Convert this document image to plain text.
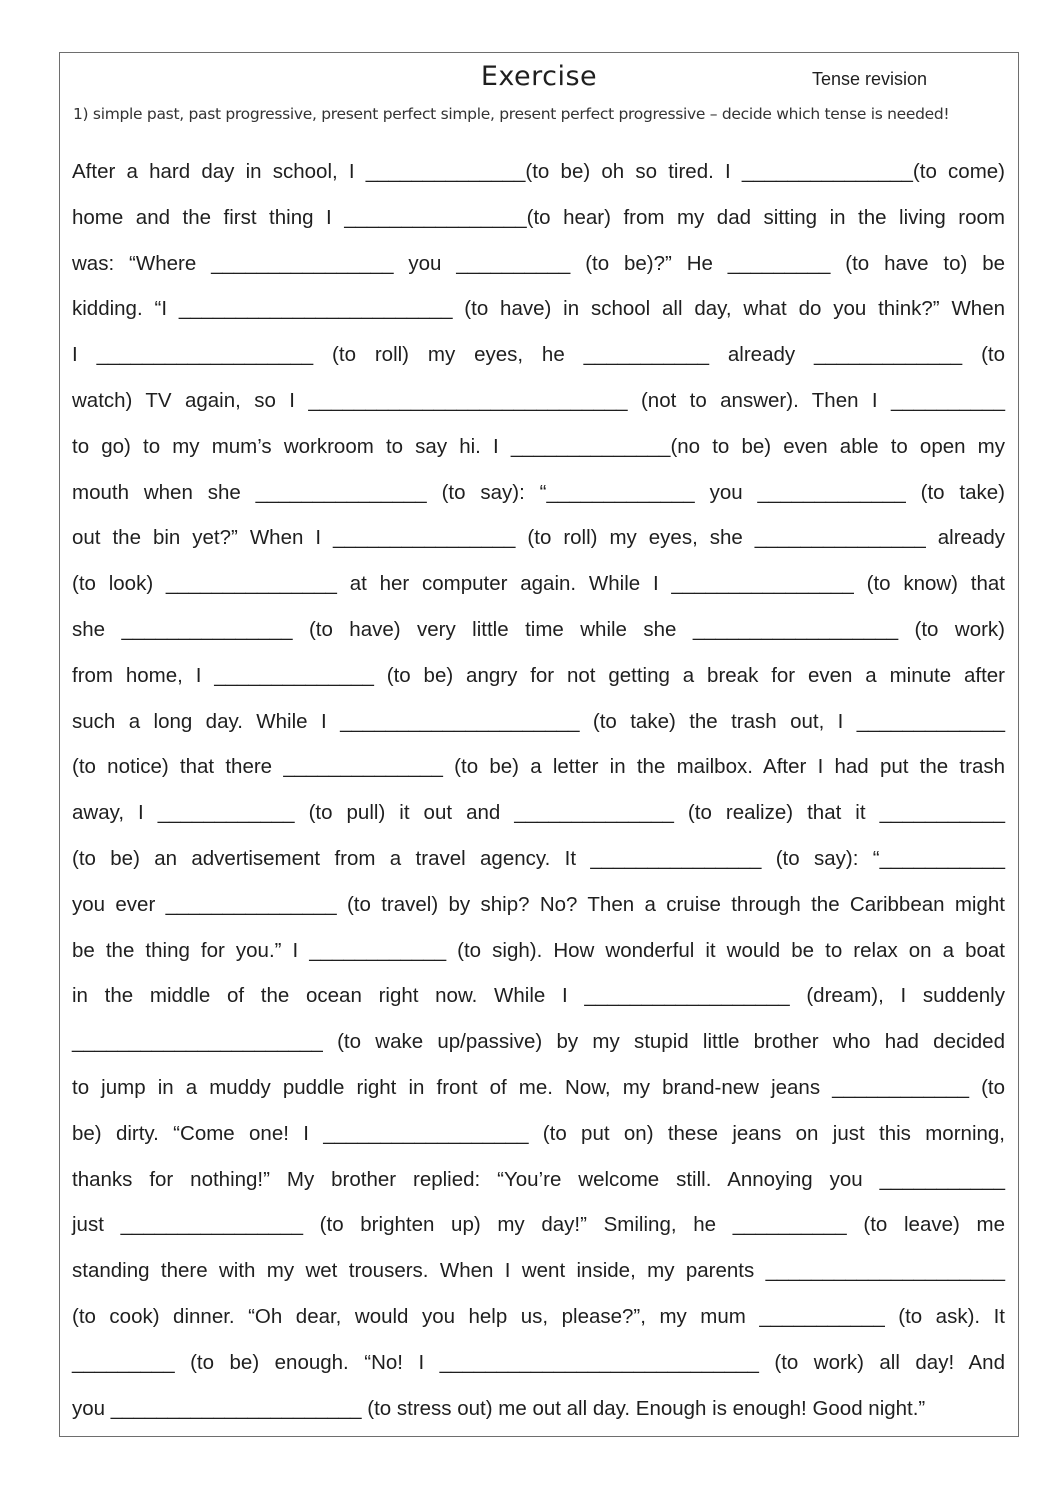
Exercise	Tense revision
1) simple past, past progressive, present perfect simple, present perfect progressive – decide which tense is needed!
After a hard day in school, I ______________(to be) oh so tired. I _______________(to come)
home and the first thing I ________________(to hear) from my dad sitting in the living room
was: “Where ________________ you __________ (to be)?” He _________ (to have to) be
kidding. “I ________________________ (to have) in school all day, what do you think?” When
I ___________________ (to roll) my eyes, he ___________ already _____________ (to
watch) TV again, so I ____________________________ (not to answer). Then I __________
to go) to my mum’s workroom to say hi. I ______________(no to be) even able to open my
mouth when she _______________ (to say): “_____________ you _____________ (to take)
out the bin yet?” When I ________________ (to roll) my eyes, she _______________ already
(to look) _______________ at her computer again. While I ________________ (to know) that
she _______________ (to have) very little time while she __________________ (to work)
from home, I ______________ (to be) angry for not getting a break for even a minute after
such a long day. While I _____________________ (to take) the trash out, I _____________
(to notice) that there ______________ (to be) a letter in the mailbox. After I had put the trash
away, I ____________ (to pull) it out and ______________ (to realize) that it ___________
(to be) an advertisement from a travel agency. It _______________ (to say): “___________
you ever _______________ (to travel) by ship? No? Then a cruise through the Caribbean might
be the thing for you.” I ____________ (to sigh). How wonderful it would be to relax on a boat
in the middle of the ocean right now. While I __________________ (dream), I suddenly
______________________ (to wake up/passive) by my stupid little brother who had decided
to jump in a muddy puddle right in front of me. Now, my brand-new jeans ____________ (to
be) dirty. “Come one! I __________________ (to put on) these jeans on just this morning,
thanks for nothing!” My brother replied: “You’re welcome still. Annoying you ___________
just ________________ (to brighten up) my day!” Smiling, he __________ (to leave) me
standing there with my wet trousers. When I went inside, my parents _____________________
(to cook) dinner. “Oh dear, would you help us, please?”, my mum ___________ (to ask). It
_________ (to be) enough. “No! I ____________________________ (to work) all day! And
you ______________________ (to stress out) me out all day. Enough is enough! Good night.”
